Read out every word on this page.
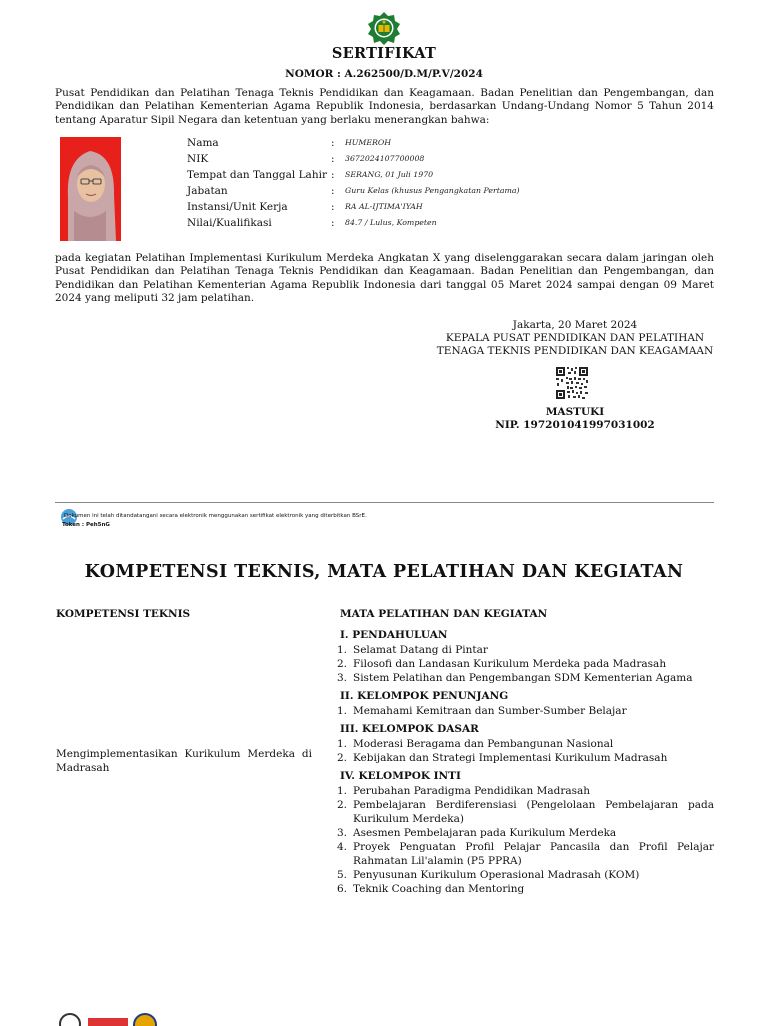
SERTIFIKAT
NOMOR : A.262500/D.M/P.V/2024
Pusat Pendidikan dan Pelatihan Tenaga Teknis Pendidikan dan Keagamaan. Badan Penelitian dan Pengembangan, dan Pendidikan dan Pelatihan Kementerian Agama Republik Indonesia, berdasarkan Undang-Undang Nomor 5 Tahun 2014 tentang Aparatur Sipil Negara dan ketentuan yang berlaku menerangkan bahwa:
Nama	:	HUMEROH
NIK	:	3672024107700008
Tempat dan Tanggal Lahir :	SERANG, 01 Juli 1970
Jabatan	:	Guru Kelas (khusus Pengangkatan Pertama)
Instansi/Unit Kerja	:	RA AL-IJTIMA'IYAH
Nilai/Kualifikasi	:	84.7 / Lulus, Kompeten
pada kegiatan Pelatihan Implementasi Kurikulum Merdeka Angkatan X yang diselenggarakan secara dalam jaringan oleh Pusat Pendidikan dan Pelatihan Tenaga Teknis Pendidikan dan Keagamaan. Badan Penelitian dan Pengembangan, dan Pendidikan dan Pelatihan Kementerian Agama Republik Indonesia dari tanggal 05 Maret 2024 sampai dengan 09 Maret 2024 yang meliputi 32 jam pelatihan.
Jakarta, 20 Maret 2024
KEPALA PUSAT PENDIDIKAN DAN PELATIHAN
TENAGA TEKNIS PENDIDIKAN DAN KEAGAMAAN
MASTUKI
NIP. 197201041997031002
Dokumen ini telah ditandatangani secara elektronik menggunakan sertifikat elektronik yang diterbitkan BSrE.
Token : Peh5nG
KOMPETENSI TEKNIS, MATA PELATIHAN DAN KEGIATAN
KOMPETENSI TEKNIS	MATA PELATIHAN DAN KEGIATAN
Mengimplementasikan Kurikulum Merdeka di Madrasah
I. PENDAHULUAN
1. Selamat Datang di Pintar
2. Filosofi dan Landasan Kurikulum Merdeka pada Madrasah
3. Sistem Pelatihan dan Pengembangan SDM Kementerian Agama
II. KELOMPOK PENUNJANG
1. Memahami Kemitraan dan Sumber-Sumber Belajar
III. KELOMPOK DASAR
1. Moderasi Beragama dan Pembangunan Nasional
2. Kebijakan dan Strategi Implementasi Kurikulum Madrasah
IV. KELOMPOK INTI
1. Perubahan Paradigma Pendidikan Madrasah
2. Pembelajaran Berdiferensiasi (Pengelolaan Pembelajaran pada Kurikulum Merdeka)
3. Asesmen Pembelajaran pada Kurikulum Merdeka
4. Proyek Penguatan Profil Pelajar Pancasila dan Profil Pelajar Rahmatan Lil'alamin (P5 PPRA)
5. Penyusunan Kurikulum Operasional Madrasah (KOM)
6. Teknik Coaching dan Mentoring
